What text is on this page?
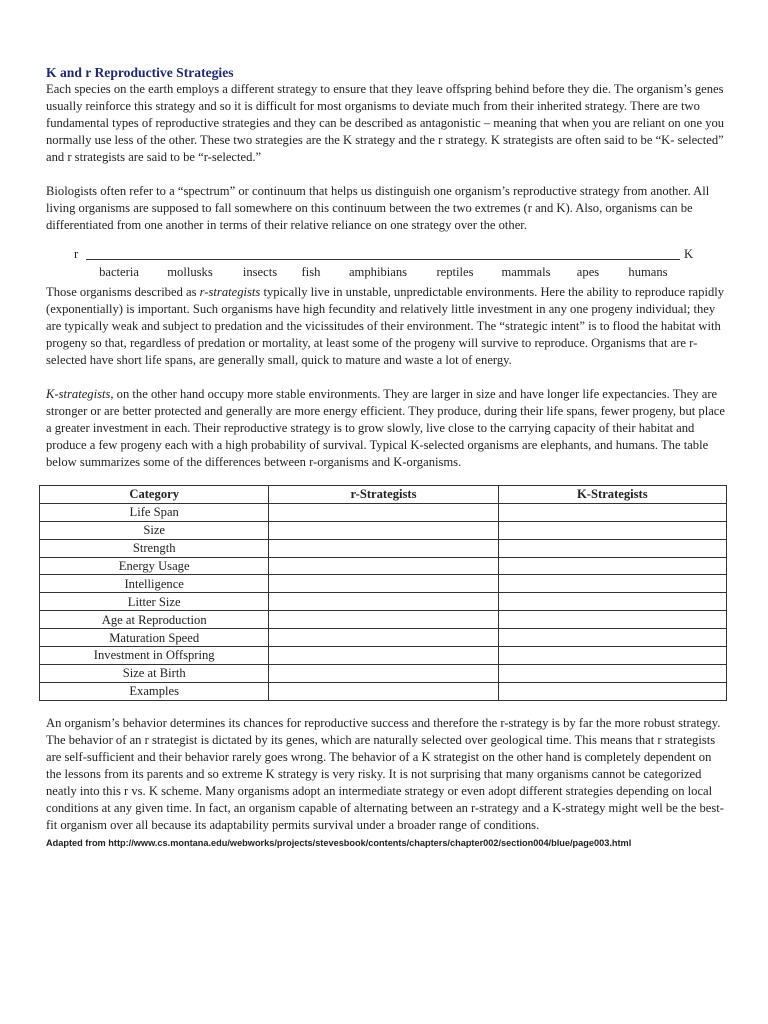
K and r Reproductive Strategies

Each species on the earth employs a different strategy to ensure that they leave offspring behind before they die. The organism’s genes usually reinforce this strategy and so it is difficult for most organisms to deviate much from their inherited strategy. There are two fundamental types of reproductive strategies and they can be described as antagonistic – meaning that when you are reliant on one you normally use less of the other. These two strategies are the K strategy and the r strategy. K strategists are often said to be “K- selected” and r strategists are said to be “r-selected.”

Biologists often refer to a “spectrum” or continuum that helps us distinguish one organism’s reproductive strategy from another. All living organisms are supposed to fall somewhere on this continuum between the two extremes (r and K). Also, organisms can be differentiated from one another in terms of their relative reliance on one strategy over the other.

r	K
bacteria mollusks insects fish amphibians reptiles mammals apes humans

Those organisms described as r-strategists typically live in unstable, unpredictable environments. Here the ability to reproduce rapidly (exponentially) is important. Such organisms have high fecundity and relatively little investment in any one progeny individual; they are typically weak and subject to predation and the vicissitudes of their environment. The “strategic intent” is to flood the habitat with progeny so that, regardless of predation or mortality, at least some of the progeny will survive to reproduce. Organisms that are r-selected have short life spans, are generally small, quick to mature and waste a lot of energy.

K-strategists, on the other hand occupy more stable environments. They are larger in size and have longer life expectancies. They are stronger or are better protected and generally are more energy efficient. They produce, during their life spans, fewer progeny, but place a greater investment in each. Their reproductive strategy is to grow slowly, live close to the carrying capacity of their habitat and produce a few progeny each with a high probability of survival. Typical K-selected organisms are elephants, and humans. The table below summarizes some of the differences between r-organisms and K-organisms.

Category	r-Strategists	K-Strategists
Life Span		
Size		
Strength		
Energy Usage		
Intelligence		
Litter Size		
Age at Reproduction		
Maturation Speed		
Investment in Offspring		
Size at Birth		
Examples		

An organism’s behavior determines its chances for reproductive success and therefore the r-strategy is by far the more robust strategy. The behavior of an r strategist is dictated by its genes, which are naturally selected over geological time. This means that r strategists are self-sufficient and their behavior rarely goes wrong. The behavior of a K strategist on the other hand is completely dependent on the lessons from its parents and so extreme K strategy is very risky. It is not surprising that many organisms cannot be categorized neatly into this r vs. K scheme. Many organisms adopt an intermediate strategy or even adopt different strategies depending on local conditions at any given time. In fact, an organism capable of alternating between an r-strategy and a K-strategy might well be the best-fit organism over all because its adaptability permits survival under a broader range of conditions.

Adapted from http://www.cs.montana.edu/webworks/projects/stevesbook/contents/chapters/chapter002/section004/blue/page003.html
